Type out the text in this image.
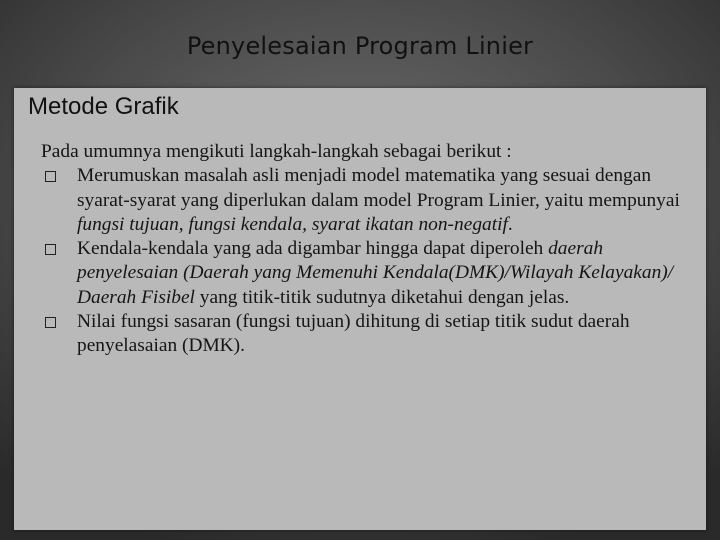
Penyelesaian Program Linier
Metode Grafik

Pada umumnya mengikuti langkah-langkah sebagai berikut :

Merumuskan masalah asli menjadi model matematika yang sesuai dengan syarat-syarat yang diperlukan dalam model Program Linier, yaitu mempunyai fungsi tujuan, fungsi kendala, syarat ikatan non-negatif.
Kendala-kendala yang ada digambar hingga dapat diperoleh daerah penyelesaian (Daerah yang Memenuhi Kendala(DMK)/Wilayah Kelayakan)/ Daerah Fisibel yang titik-titik sudutnya diketahui dengan jelas.
Nilai fungsi sasaran (fungsi tujuan) dihitung di setiap titik sudut daerah penyelasaian (DMK).
